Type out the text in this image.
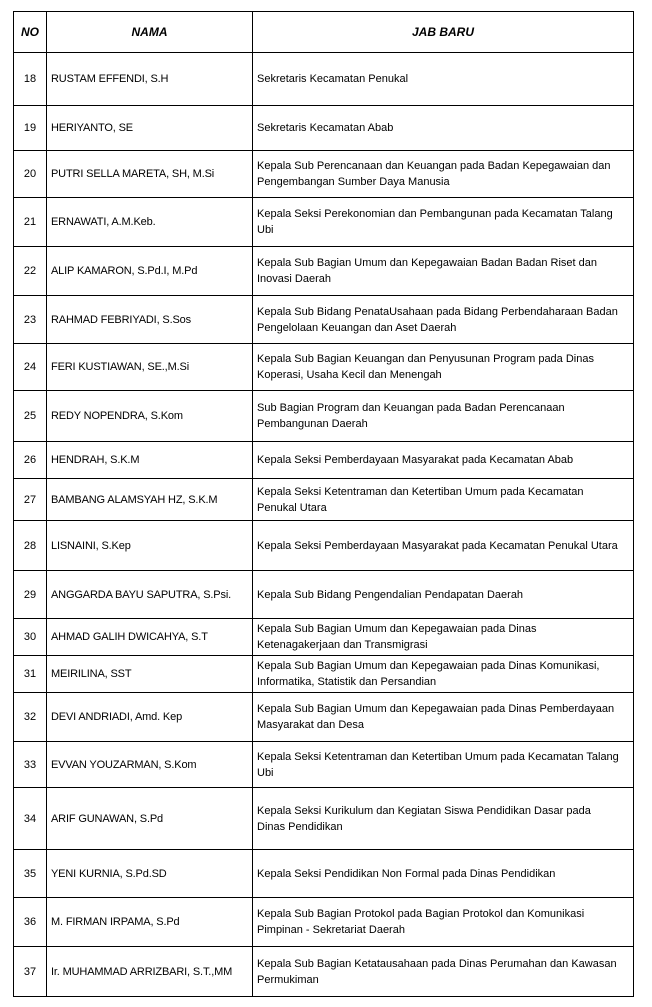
NO	NAMA	JAB BARU
18	RUSTAM EFFENDI, S.H	Sekretaris Kecamatan Penukal
19	HERIYANTO, SE	Sekretaris Kecamatan Abab
20	PUTRI SELLA MARETA, SH, M.Si	Kepala Sub Perencanaan dan Keuangan pada Badan Kepegawaian dan Pengembangan Sumber Daya Manusia
21	ERNAWATI, A.M.Keb.	Kepala Seksi Perekonomian dan Pembangunan pada Kecamatan Talang Ubi
22	ALIP KAMARON, S.Pd.I, M.Pd	Kepala Sub Bagian Umum dan Kepegawaian Badan Badan Riset dan Inovasi Daerah
23	RAHMAD FEBRIYADI, S.Sos	Kepala Sub Bidang PenataUsahaan pada Bidang Perbendaharaan Badan Pengelolaan Keuangan dan Aset Daerah
24	FERI KUSTIAWAN, SE.,M.Si	Kepala Sub Bagian Keuangan dan Penyusunan Program pada Dinas Koperasi, Usaha Kecil dan Menengah
25	REDY NOPENDRA, S.Kom	Sub Bagian Program dan Keuangan pada Badan Perencanaan Pembangunan Daerah
26	HENDRAH, S.K.M	Kepala Seksi Pemberdayaan Masyarakat pada Kecamatan Abab
27	BAMBANG ALAMSYAH HZ, S.K.M	Kepala Seksi Ketentraman dan Ketertiban Umum pada Kecamatan Penukal Utara
28	LISNAINI, S.Kep	Kepala Seksi Pemberdayaan Masyarakat pada Kecamatan Penukal Utara
29	ANGGARDA BAYU SAPUTRA, S.Psi.	Kepala Sub Bidang Pengendalian Pendapatan Daerah
30	AHMAD GALIH DWICAHYA, S.T	Kepala Sub Bagian Umum dan Kepegawaian pada Dinas Ketenagakerjaan dan Transmigrasi
31	MEIRILINA, SST	Kepala Sub Bagian Umum dan Kepegawaian pada Dinas Komunikasi, Informatika, Statistik dan Persandian
32	DEVI ANDRIADI, Amd. Kep	Kepala Sub Bagian Umum dan Kepegawaian pada Dinas Pemberdayaan Masyarakat dan Desa
33	EVVAN YOUZARMAN, S.Kom	Kepala Seksi Ketentraman dan Ketertiban Umum pada Kecamatan Talang Ubi
34	ARIF GUNAWAN, S.Pd	Kepala Seksi Kurikulum dan Kegiatan Siswa Pendidikan Dasar pada Dinas Pendidikan
35	YENI KURNIA, S.Pd.SD	Kepala Seksi Pendidikan Non Formal pada Dinas Pendidikan
36	M. FIRMAN IRPAMA, S.Pd	Kepala Sub Bagian Protokol pada Bagian Protokol dan Komunikasi Pimpinan - Sekretariat Daerah
37	Ir. MUHAMMAD ARRIZBARI, S.T.,MM	Kepala Sub Bagian Ketatausahaan pada Dinas Perumahan dan Kawasan Permukiman
